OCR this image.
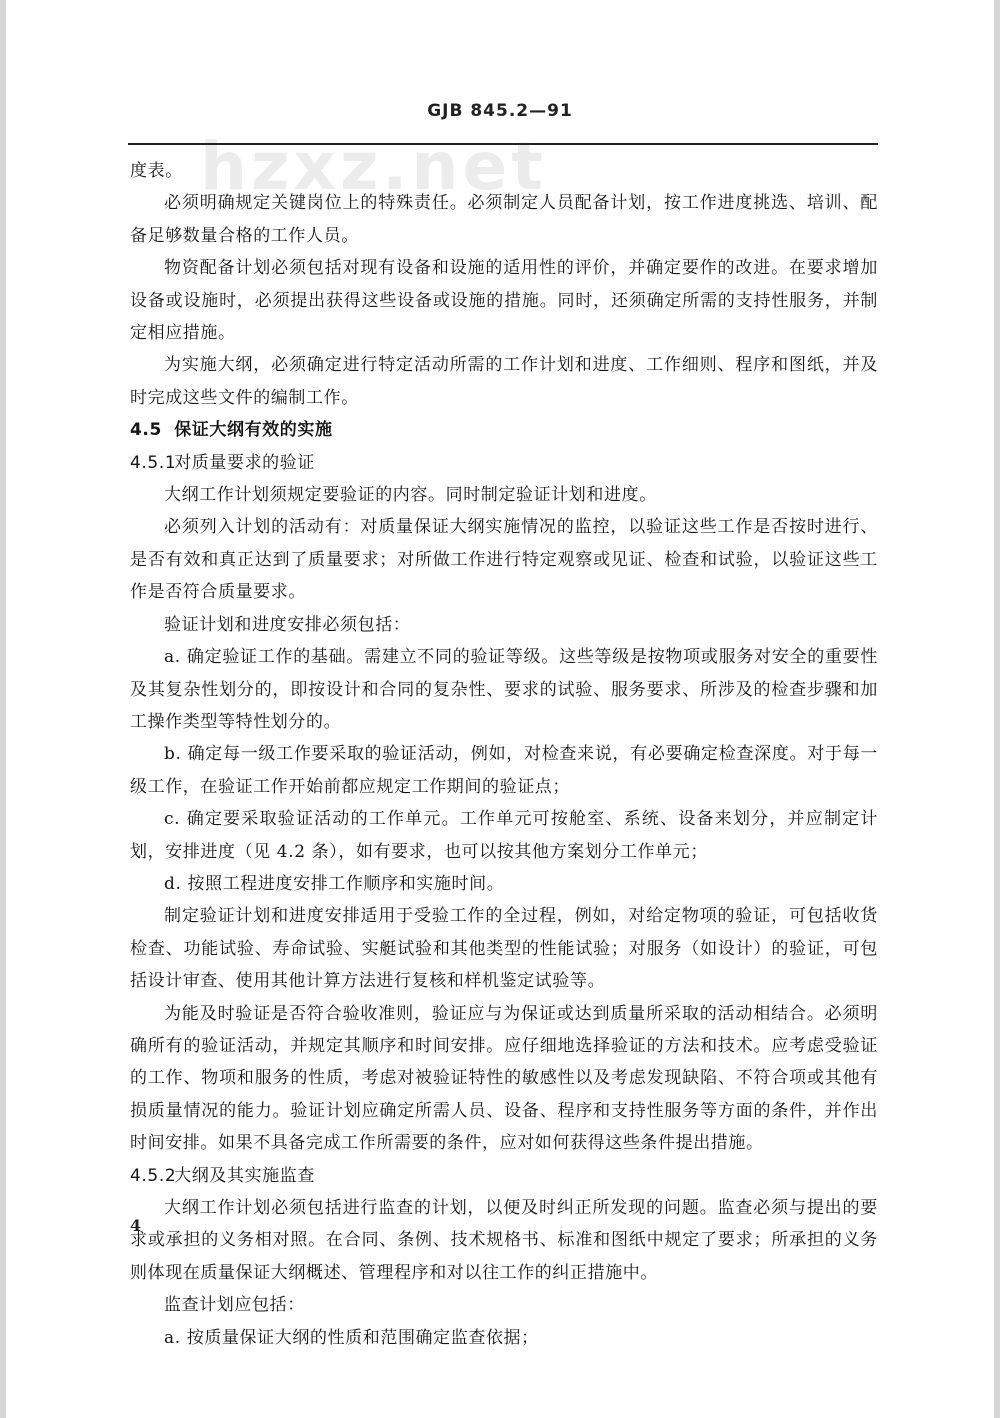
hzxz.net
GJB 845.2—91

度表。

必须明确规定关键岗位上的特殊责任。必须制定人员配备计划，按工作进度挑选、培训、配备足够数量合格的工作人员。

物资配备计划必须包括对现有设备和设施的适用性的评价，并确定要作的改进。在要求增加设备或设施时，必须提出获得这些设备或设施的措施。同时，还须确定所需的支持性服务，并制定相应措施。

为实施大纲，必须确定进行特定活动所需的工作计划和进度、工作细则、程序和图纸，并及时完成这些文件的编制工作。

4.5 保证大纲有效的实施

4.5.1对质量要求的验证

大纲工作计划须规定要验证的内容。同时制定验证计划和进度。

必须列入计划的活动有：对质量保证大纲实施情况的监控，以验证这些工作是否按时进行、是否有效和真正达到了质量要求；对所做工作进行特定观察或见证、检查和试验，以验证这些工作是否符合质量要求。

验证计划和进度安排必须包括：

a. 确定验证工作的基础。需建立不同的验证等级。这些等级是按物项或服务对安全的重要性及其复杂性划分的，即按设计和合同的复杂性、要求的试验、服务要求、所涉及的检查步骤和加工操作类型等特性划分的。

b. 确定每一级工作要采取的验证活动，例如，对检查来说，有必要确定检查深度。对于每一级工作，在验证工作开始前都应规定工作期间的验证点；

c. 确定要采取验证活动的工作单元。工作单元可按舱室、系统、设备来划分，并应制定计划，安排进度（见 4.2 条），如有要求，也可以按其他方案划分工作单元；

d. 按照工程进度安排工作顺序和实施时间。

制定验证计划和进度安排适用于受验工作的全过程，例如，对给定物项的验证，可包括收货检查、功能试验、寿命试验、实艇试验和其他类型的性能试验；对服务（如设计）的验证，可包括设计审查、使用其他计算方法进行复核和样机鉴定试验等。

为能及时验证是否符合验收准则，验证应与为保证或达到质量所采取的活动相结合。必须明确所有的验证活动，并规定其顺序和时间安排。应仔细地选择验证的方法和技术。应考虑受验证的工作、物项和服务的性质，考虑对被验证特性的敏感性以及考虑发现缺陷、不符合项或其他有损质量情况的能力。验证计划应确定所需人员、设备、程序和支持性服务等方面的条件，并作出时间安排。如果不具备完成工作所需要的条件，应对如何获得这些条件提出措施。

4.5.2大纲及其实施监查

大纲工作计划必须包括进行监查的计划，以便及时纠正所发现的问题。监查必须与提出的要求或承担的义务相对照。在合同、条例、技术规格书、标准和图纸中规定了要求；所承担的义务则体现在质量保证大纲概述、管理程序和对以往工作的纠正措施中。

监查计划应包括：

a. 按质量保证大纲的性质和范围确定监查依据；

4
